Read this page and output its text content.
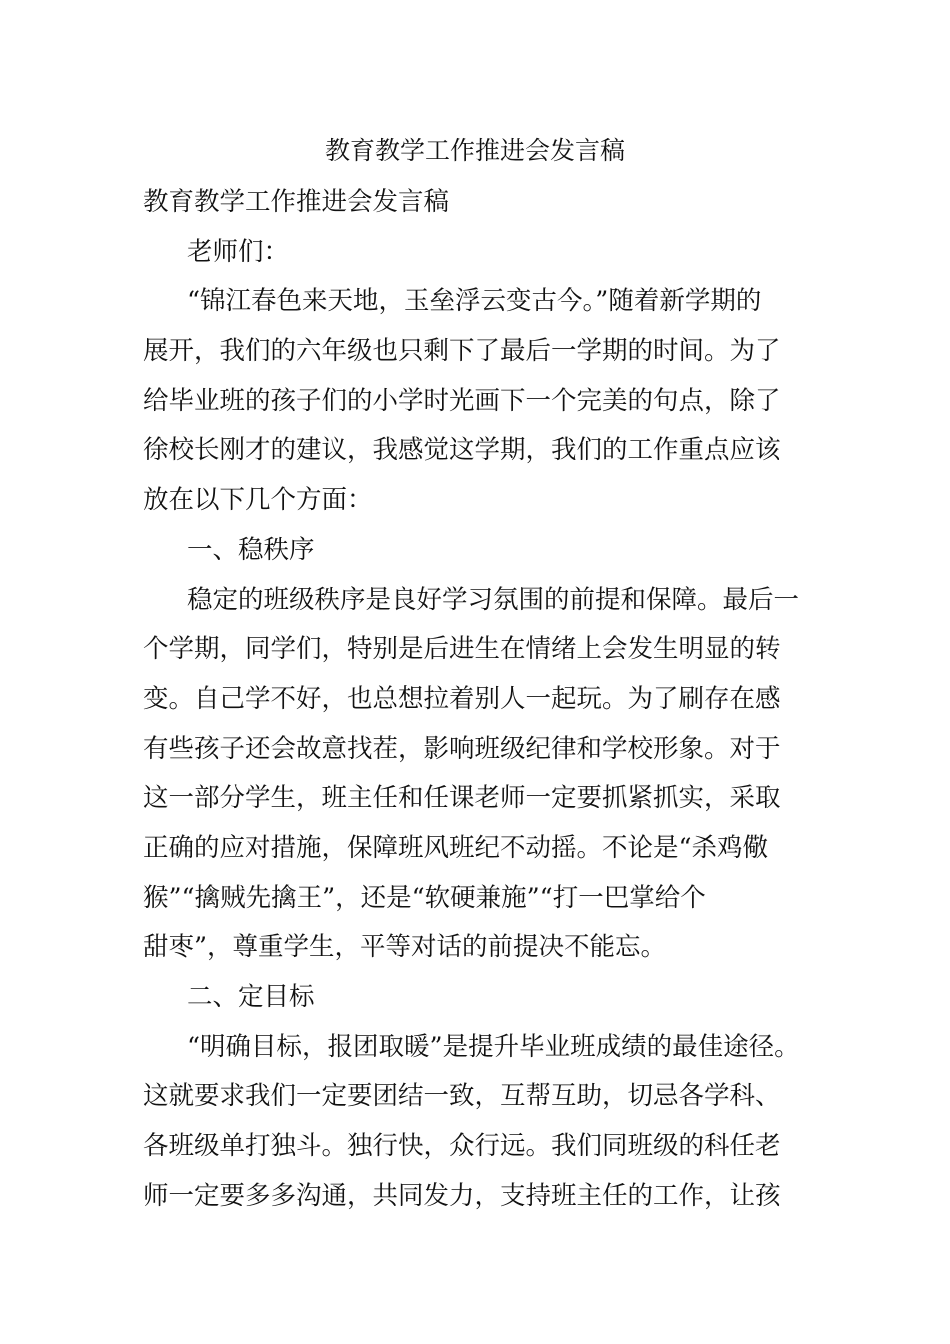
教育教学工作推进会发言稿

教育教学工作推进会发言稿

老师们：

“锦江春色来天地，玉垒浮云变古今。”随着新学期的

展开，我们的六年级也只剩下了最后一学期的时间。为了

给毕业班的孩子们的小学时光画下一个完美的句点，除了

徐校长刚才的建议，我感觉这学期，我们的工作重点应该

放在以下几个方面：

一、稳秩序

稳定的班级秩序是良好学习氛围的前提和保障。最后一

个学期，同学们，特别是后进生在情绪上会发生明显的转

变。自己学不好，也总想拉着别人一起玩。为了刷存在感

有些孩子还会故意找茬，影响班级纪律和学校形象。对于

这一部分学生，班主任和任课老师一定要抓紧抓实，采取

正确的应对措施，保障班风班纪不动摇。不论是“杀鸡儆

猴”“擒贼先擒王”，还是“软硬兼施”“打一巴掌给个

甜枣”，尊重学生，平等对话的前提决不能忘。

二、定目标

“明确目标，报团取暖”是提升毕业班成绩的最佳途径。

这就要求我们一定要团结一致，互帮互助，切忌各学科、

各班级单打独斗。独行快，众行远。我们同班级的科任老

师一定要多多沟通，共同发力，支持班主任的工作，让孩
